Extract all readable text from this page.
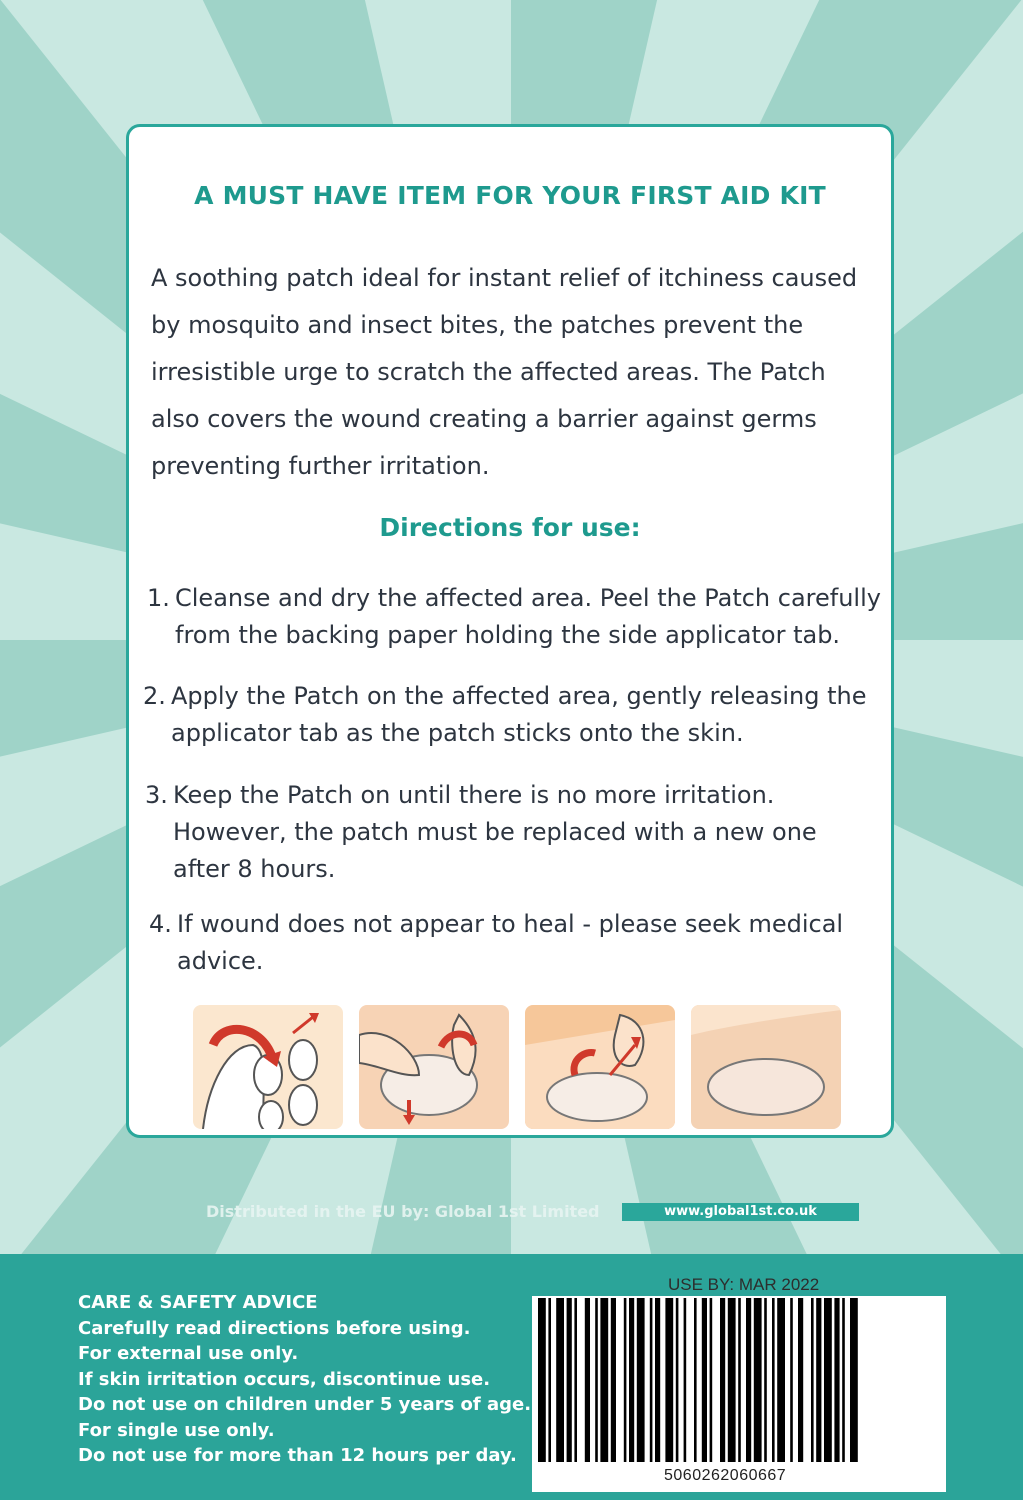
A MUST HAVE ITEM FOR YOUR FIRST AID KIT

A soothing patch ideal for instant relief of itchiness caused by mosquito and insect bites, the patches prevent the irresistible urge to scratch the affected areas. The Patch also covers the wound creating a barrier against germs preventing further irritation.

Directions for use:
1. Cleanse and dry the affected area. Peel the Patch carefully from the backing paper holding the side applicator tab.
2. Apply the Patch on the affected area, gently releasing the applicator tab as the patch sticks onto the skin.
3. Keep the Patch on until there is no more irritation. However, the patch must be replaced with a new one after 8 hours.
4. If wound does not appear to heal - please seek medical advice.
Distributed in the EU by: Global 1st Limited	www.global1st.co.uk
CARE & SAFETY ADVICE
Carefully read directions before using.
For external use only.
If skin irritation occurs, discontinue use.
Do not use on children under 5 years of age.
For single use only.
Do not use for more than 12 hours per day.
USE BY: MAR 2022
5060262060667
